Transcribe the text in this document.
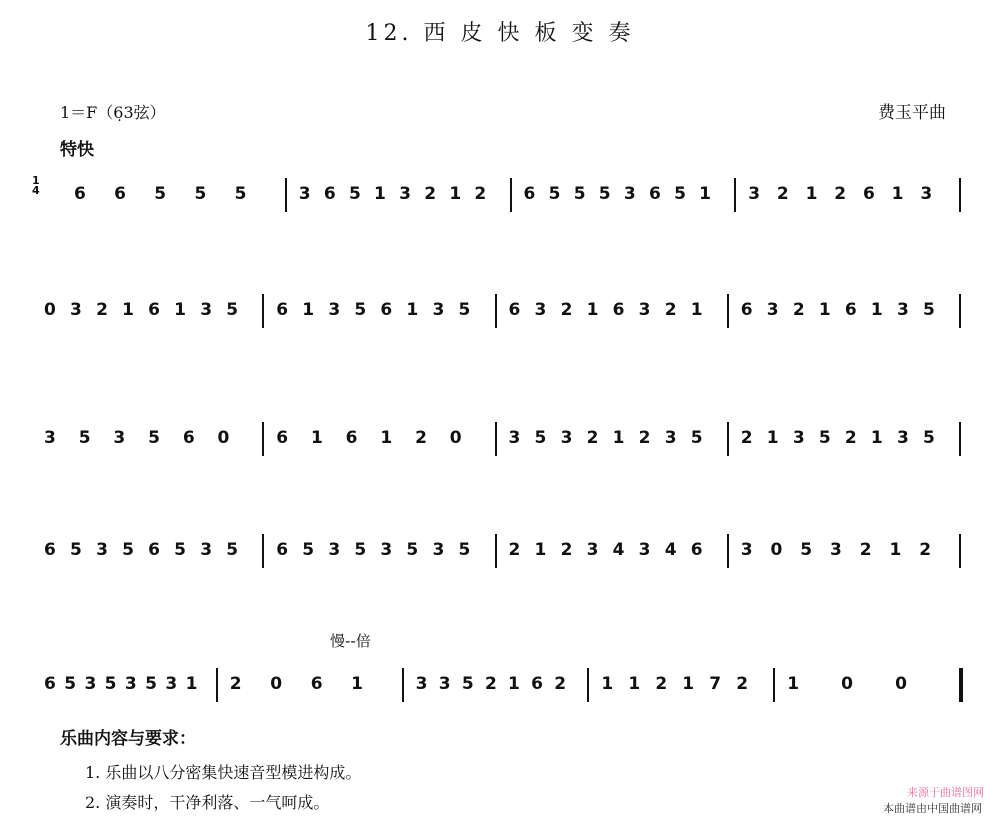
12. 西 皮 快 板 变 奏
1＝F（6̣3弦）	费玉平曲
特快
1
4 6 6 5 5 5	3 6 5 1 3 2 1 2 6 5 5 5 3 6 5 1 3 2 1 2 6 1 3
0 3 2 1 6 1 3 5 6 1 3 5 6 1 3 5 6 3 2 1 6 3 2 1 6 3 2 1 6 1 3 5
3 5 3 5 6 0	6 1 6 1 2 0	3 5 3 2 1 2 3 5 2 1 3 5 2 1 3 5
6 5 3 5 6 5 3 5 6 5 3 5 3 5 3 5 2 1 2 3 4 3 4 6 3 0 5 3 2 1 2
6 5 3 5 3 5 3 1 2 0 6 1	3 3 5 2 1 6 2 1 1 2 1 7 2 1 0 0
慢--倍
乐曲内容与要求：
1. 乐曲以八分密集快速音型模进构成。
2. 演奏时，干净利落、一气呵成。
来源于曲谱图网
本曲谱由中国曲谱网
